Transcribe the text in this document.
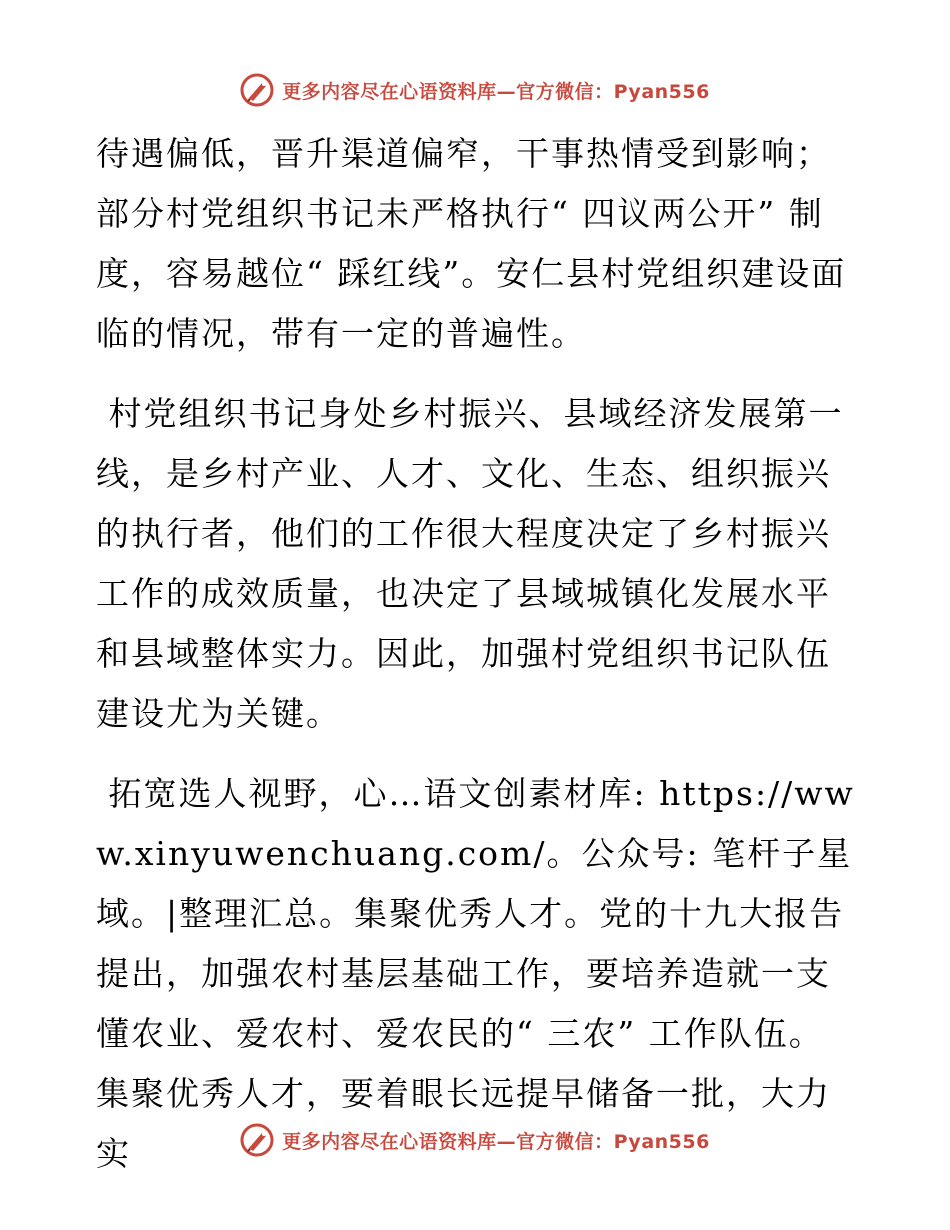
更多内容尽在心语资料库—官方微信：Pyan556

待遇偏低，晋升渠道偏窄，干事热情受到影响；部分村党组织书记未严格执行“ 四议两公开” 制度，容易越位“ 踩红线”。安仁县村党组织建设面临的情况，带有一定的普遍性。

村党组织书记身处乡村振兴、县域经济发展第一线，是乡村产业、人才、文化、生态、组织振兴的执行者，他们的工作很大程度决定了乡村振兴工作的成效质量，也决定了县域城镇化发展水平和县域整体实力。因此，加强村党组织书记队伍建设尤为关键。

拓宽选人视野，心…语文创素材库: https://www.xinyuwenchuang.com/。公众号: 笔杆子星域。|整理汇总。集聚优秀人才。党的十九大报告提出，加强农村基层基础工作，要培养造就一支懂农业、爱农村、爱农民的“ 三农” 工作队伍。集聚优秀人才，要着眼长远提早储备一批，大力实	更多内容尽在心语资料库—官方微信：Pyan556
